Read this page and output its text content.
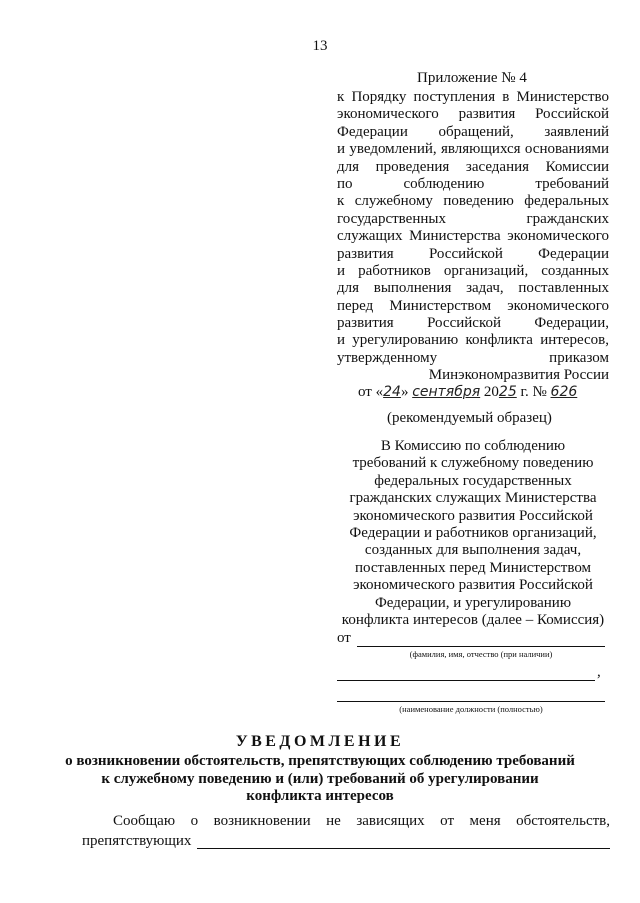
13
Приложение № 4
к Порядку поступления в Министерство
экономического развития Российской
Федерации обращений, заявлений
и уведомлений, являющихся основаниями
для проведения заседания Комиссии
по соблюдению требований
к служебному поведению федеральных
государственных гражданских
служащих Министерства экономического
развития Российской Федерации
и работников организаций, созданных
для выполнения задач, поставленных
перед Министерством экономического
развития Российской Федерации,
и урегулированию конфликта интересов,
утвержденному приказом
Минэкономразвития России
от «24» сентября 2025 г. № 626
(рекомендуемый образец)
В Комиссию по соблюдению
требований к служебному поведению
федеральных государственных
гражданских служащих Министерства
экономического развития Российской
Федерации и работников организаций,
созданных для выполнения задач,
поставленных перед Министерством
экономического развития Российской
Федерации, и урегулированию
конфликта интересов (далее – Комиссия)
от
(фамилия, имя, отчество (при наличии)
,
(наименование должности (полностью)
УВЕДОМЛЕНИЕ
о возникновении обстоятельств, препятствующих соблюдению требований
к служебному поведению и (или) требований об урегулировании
конфликта интересов
Сообщаю о возникновении не зависящих от меня обстоятельств,
препятствующих
